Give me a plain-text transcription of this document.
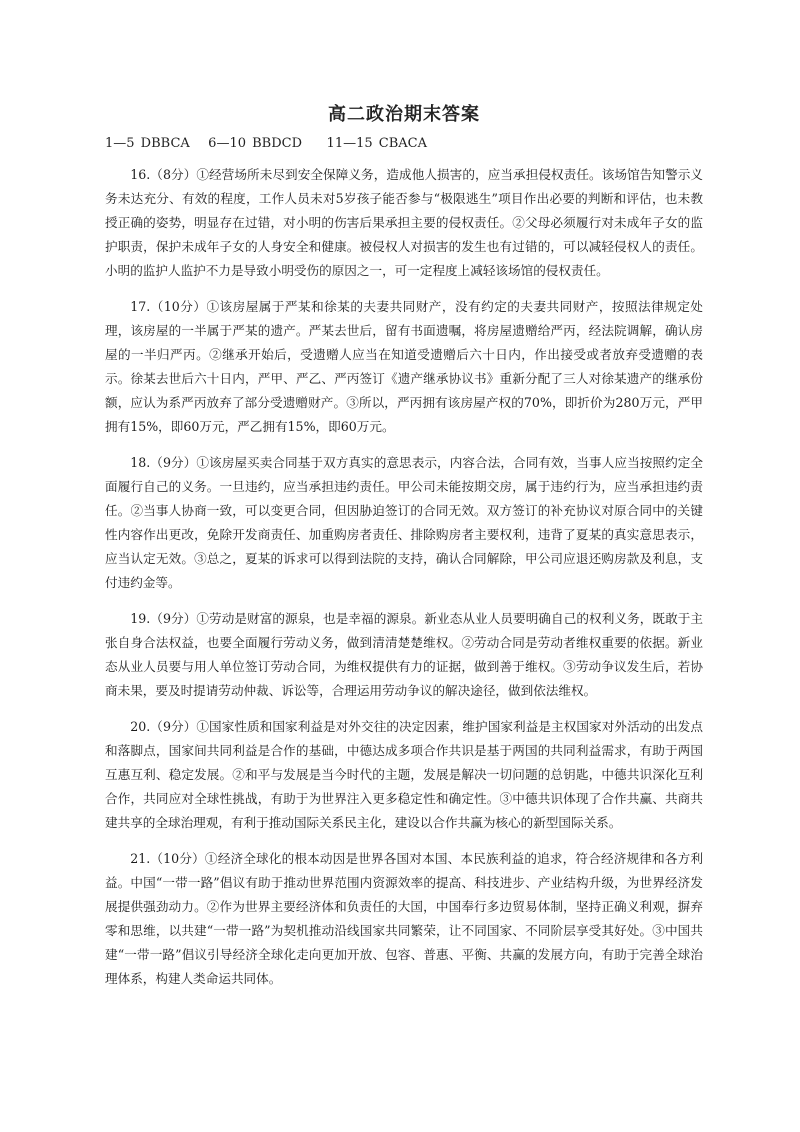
高二政治期末答案

1—5 DBBCA   6—10 BBDCD    11—15 CBACA

16.（8分）①经营场所未尽到安全保障义务，造成他人损害的，应当承担侵权责任。该场馆告知警示义务未达充分、有效的程度，工作人员未对5岁孩子能否参与“极限逃生”项目作出必要的判断和评估，也未教授正确的姿势，明显存在过错，对小明的伤害后果承担主要的侵权责任。②父母必须履行对未成年子女的监护职责，保护未成年子女的人身安全和健康。被侵权人对损害的发生也有过错的，可以减轻侵权人的责任。小明的监护人监护不力是导致小明受伤的原因之一，可一定程度上减轻该场馆的侵权责任。

17.（10分）①该房屋属于严某和徐某的夫妻共同财产，没有约定的夫妻共同财产，按照法律规定处理，该房屋的一半属于严某的遗产。严某去世后，留有书面遗嘱，将房屋遗赠给严丙，经法院调解，确认房屋的一半归严丙。②继承开始后，受遗赠人应当在知道受遗赠后六十日内，作出接受或者放弃受遗赠的表示。徐某去世后六十日内，严甲、严乙、严丙签订《遗产继承协议书》重新分配了三人对徐某遗产的继承份额，应认为系严丙放弃了部分受遗赠财产。③所以，严丙拥有该房屋产权的70%，即折价为280万元，严甲拥有15%，即60万元，严乙拥有15%，即60万元。

18.（9分）①该房屋买卖合同基于双方真实的意思表示，内容合法，合同有效，当事人应当按照约定全面履行自己的义务。一旦违约，应当承担违约责任。甲公司未能按期交房，属于违约行为，应当承担违约责任。②当事人协商一致，可以变更合同，但因胁迫签订的合同无效。双方签订的补充协议对原合同中的关键性内容作出更改，免除开发商责任、加重购房者责任、排除购房者主要权利，违背了夏某的真实意思表示，应当认定无效。③总之，夏某的诉求可以得到法院的支持，确认合同解除，甲公司应退还购房款及利息，支付违约金等。

19.（9分）①劳动是财富的源泉，也是幸福的源泉。新业态从业人员要明确自己的权利义务，既敢于主张自身合法权益，也要全面履行劳动义务，做到清清楚楚维权。②劳动合同是劳动者维权重要的依据。新业态从业人员要与用人单位签订劳动合同，为维权提供有力的证据，做到善于维权。③劳动争议发生后，若协商未果，要及时提请劳动仲裁、诉讼等，合理运用劳动争议的解决途径，做到依法维权。

20.（9分）①国家性质和国家利益是对外交往的决定因素，维护国家利益是主权国家对外活动的出发点和落脚点，国家间共同利益是合作的基础，中德达成多项合作共识是基于两国的共同利益需求，有助于两国互惠互利、稳定发展。②和平与发展是当今时代的主题，发展是解决一切问题的总钥匙，中德共识深化互利合作，共同应对全球性挑战，有助于为世界注入更多稳定性和确定性。③中德共识体现了合作共赢、共商共建共享的全球治理观，有利于推动国际关系民主化，建设以合作共赢为核心的新型国际关系。

21.（10分）①经济全球化的根本动因是世界各国对本国、本民族利益的追求，符合经济规律和各方利益。中国“一带一路”倡议有助于推动世界范围内资源效率的提高、科技进步、产业结构升级，为世界经济发展提供强劲动力。②作为世界主要经济体和负责任的大国，中国奉行多边贸易体制，坚持正确义利观，摒弃零和思维，以共建“一带一路”为契机推动沿线国家共同繁荣，让不同国家、不同阶层享受其好处。③中国共建“一带一路”倡议引导经济全球化走向更加开放、包容、普惠、平衡、共赢的发展方向，有助于完善全球治理体系，构建人类命运共同体。
